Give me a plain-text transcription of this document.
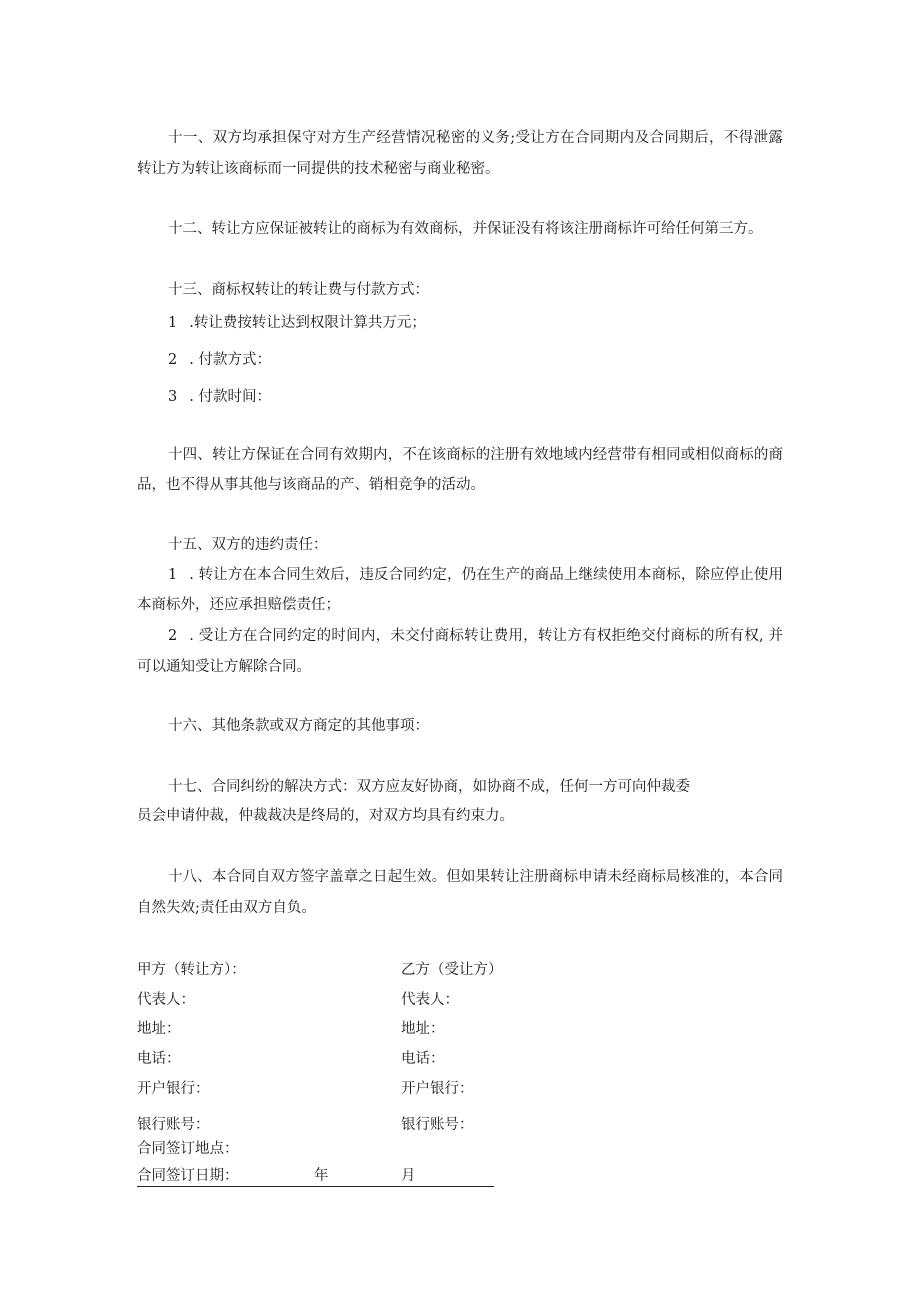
十一、双方均承担保守对方生产经营情况秘密的义务;受让方在合同期内及合同期后，不得泄露
转让方为转让该商标而一同提供的技术秘密与商业秘密。
十二、转让方应保证被转让的商标为有效商标，并保证没有将该注册商标许可给任何第三方。
十三、商标权转让的转让费与付款方式：
1 .转让费按转让达到权限计算共万元；
2 . 付款方式：
3 . 付款时间：
十四、转让方保证在合同有效期内，不在该商标的注册有效地域内经营带有相同或相似商标的商
品，也不得从事其他与该商品的产、销相竞争的活动。
十五、双方的违约责任：
1 . 转让方在本合同生效后，违反合同约定，仍在生产的商品上继续使用本商标，除应停止使用
本商标外，还应承担赔偿责任；
2 . 受让方在合同约定的时间内，未交付商标转让费用，转让方有权拒绝交付商标的所有权, 并
可以通知受让方解除合同。
十六、其他条款或双方商定的其他事项：
十七、合同纠纷的解决方式：双方应友好协商，如协商不成，任何一方可向仲裁委
员会申请仲裁，仲裁裁决是终局的，对双方均具有约束力。
十八、本合同自双方签字盖章之日起生效。但如果转让注册商标申请未经商标局核准的，本合同
自然失效;责任由双方自负。
甲方（转让方）：	乙方（受让方）
代表人：	代表人：
地址：	地址：
电话：	电话：
开户银行：	开户银行：
银行账号：	银行账号：
合同签订地点：
合同签订日期：	年	月
